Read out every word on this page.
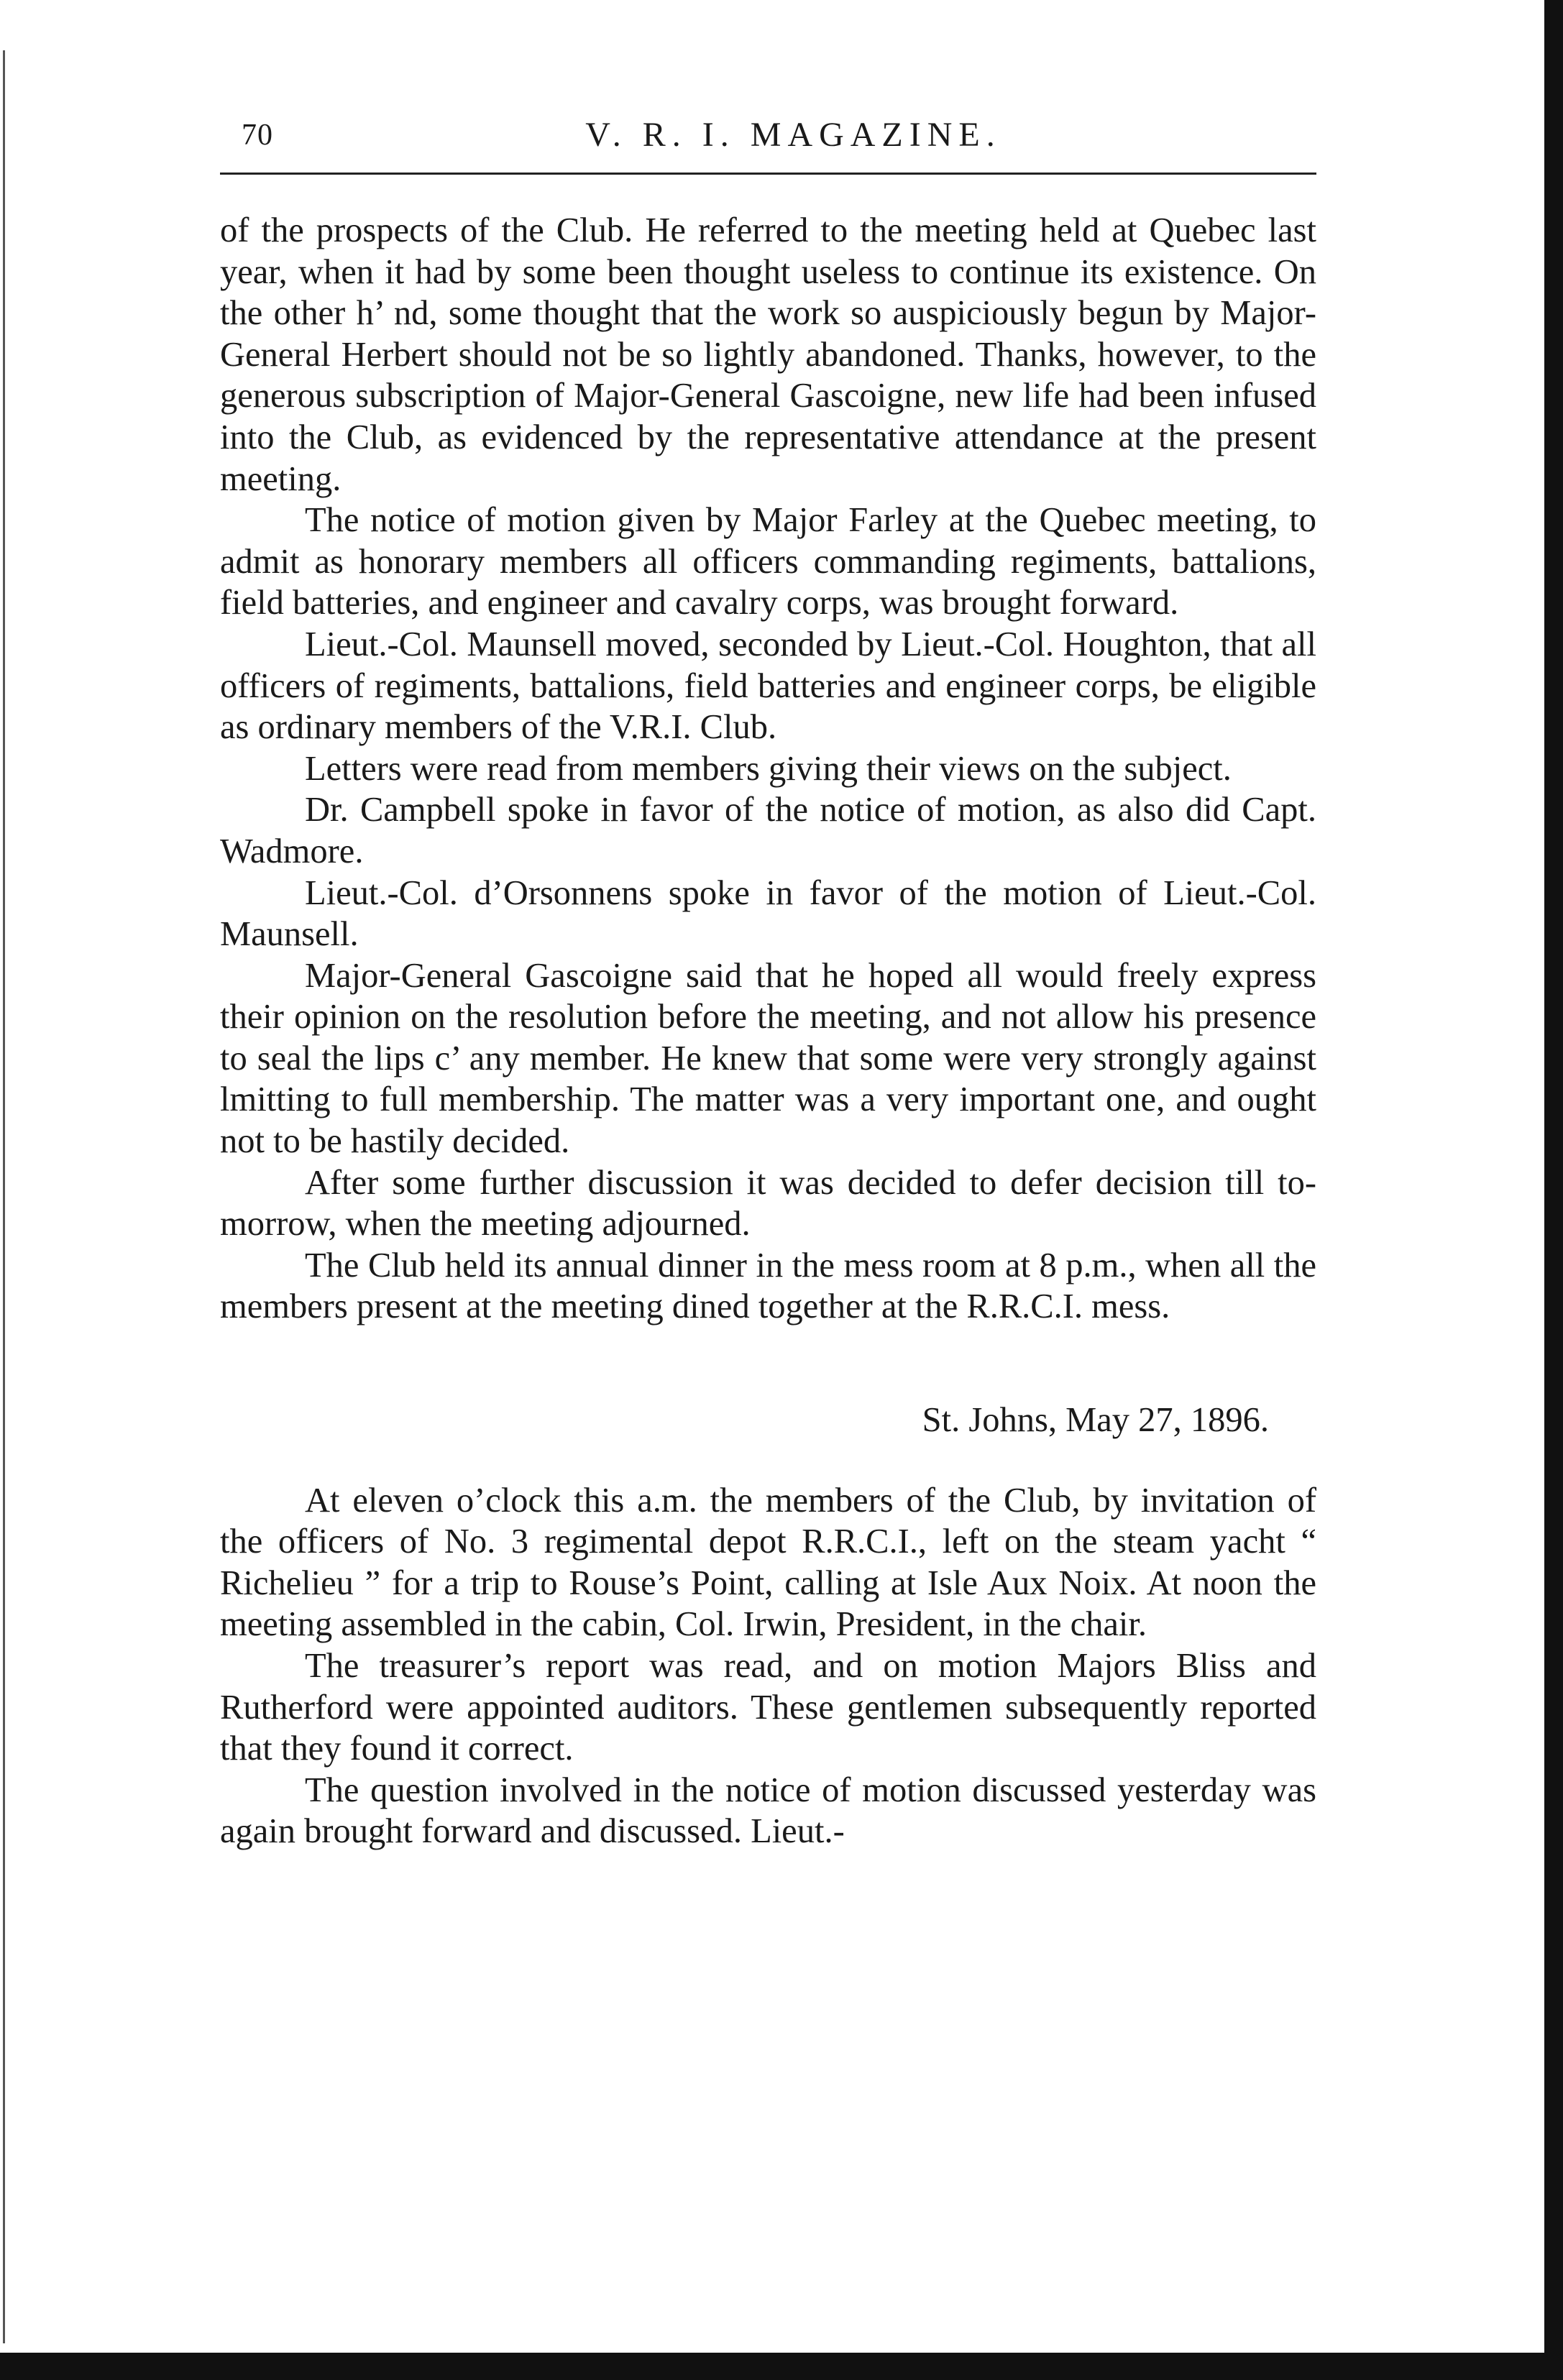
70	V. R. I. MAGAZINE.

of the prospects of the Club. He referred to the meeting held at Quebec last year, when it had by some been thought useless to continue its existence. On the other h’ nd, some thought that the work so auspiciously begun by Major-General Herbert should not be so lightly abandoned. Thanks, however, to the generous subscription of Major-General Gascoigne, new life had been infused into the Club, as evidenced by the representative attendance at the present meeting.

The notice of motion given by Major Farley at the Quebec meeting, to admit as honorary members all officers commanding regiments, battalions, field batteries, and engineer and cavalry corps, was brought forward.

Lieut.-Col. Maunsell moved, seconded by Lieut.-Col. Houghton, that all officers of regiments, battalions, field batteries and engineer corps, be eligible as ordinary members of the V.R.I. Club.

Letters were read from members giving their views on the subject.

Dr. Campbell spoke in favor of the notice of motion, as also did Capt. Wadmore.

Lieut.-Col. d’Orsonnens spoke in favor of the motion of Lieut.-Col. Maunsell.

Major-General Gascoigne said that he hoped all would freely express their opinion on the resolution before the meeting, and not allow his presence to seal the lips c’ any member. He knew that some were very strongly against lmitting to full membership. The matter was a very important one, and ought not to be hastily decided.

After some further discussion it was decided to defer decision till to-morrow, when the meeting adjourned.

The Club held its annual dinner in the mess room at 8 p.m., when all the members present at the meeting dined together at the R.R.C.I. mess.

St. Johns, May 27, 1896.

At eleven o’clock this a.m. the members of the Club, by invitation of the officers of No. 3 regimental depot R.R.C.I., left on the steam yacht “ Richelieu ” for a trip to Rouse’s Point, calling at Isle Aux Noix. At noon the meeting assembled in the cabin, Col. Irwin, President, in the chair.

The treasurer’s report was read, and on motion Majors Bliss and Rutherford were appointed auditors. These gentlemen subsequently reported that they found it correct.

The question involved in the notice of motion discussed yesterday was again brought forward and discussed. Lieut.-
